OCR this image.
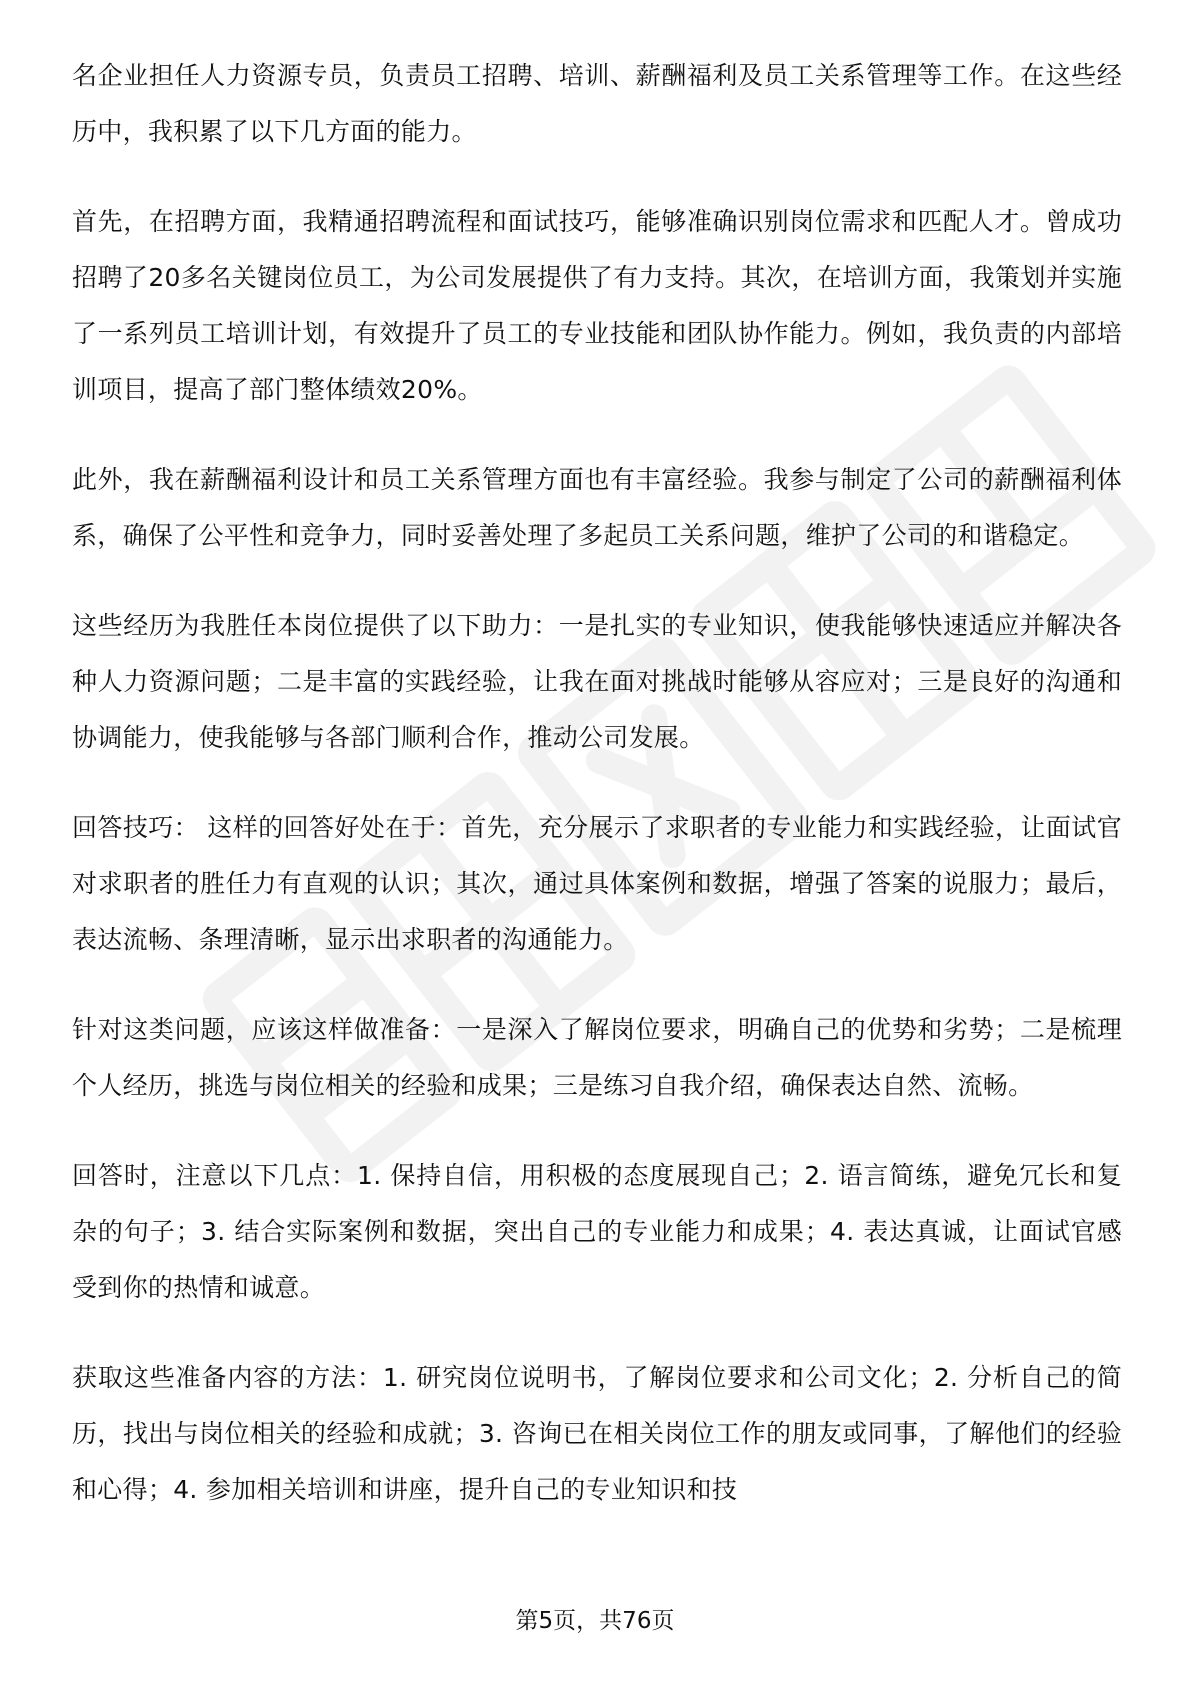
名企业担任人力资源专员，负责员工招聘、培训、薪酬福利及员工关系管理等工作。在这些经历中，我积累了以下几方面的能力。

首先，在招聘方面，我精通招聘流程和面试技巧，能够准确识别岗位需求和匹配人才。曾成功招聘了20多名关键岗位员工，为公司发展提供了有力支持。其次，在培训方面，我策划并实施了一系列员工培训计划，有效提升了员工的专业技能和团队协作能力。例如，我负责的内部培训项目，提高了部门整体绩效20%。

此外，我在薪酬福利设计和员工关系管理方面也有丰富经验。我参与制定了公司的薪酬福利体系，确保了公平性和竞争力，同时妥善处理了多起员工关系问题，维护了公司的和谐稳定。

这些经历为我胜任本岗位提供了以下助力：一是扎实的专业知识，使我能够快速适应并解决各种人力资源问题；二是丰富的实践经验，让我在面对挑战时能够从容应对；三是良好的沟通和协调能力，使我能够与各部门顺利合作，推动公司发展。

回答技巧： 这样的回答好处在于：首先，充分展示了求职者的专业能力和实践经验，让面试官对求职者的胜任力有直观的认识；其次，通过具体案例和数据，增强了答案的说服力；最后，表达流畅、条理清晰，显示出求职者的沟通能力。

针对这类问题，应该这样做准备：一是深入了解岗位要求，明确自己的优势和劣势；二是梳理个人经历，挑选与岗位相关的经验和成果；三是练习自我介绍，确保表达自然、流畅。

回答时，注意以下几点：1. 保持自信，用积极的态度展现自己；2. 语言简练，避免冗长和复杂的句子；3. 结合实际案例和数据，突出自己的专业能力和成果；4. 表达真诚，让面试官感受到你的热情和诚意。

获取这些准备内容的方法：1. 研究岗位说明书，了解岗位要求和公司文化；2. 分析自己的简历，找出与岗位相关的经验和成就；3. 咨询已在相关岗位工作的朋友或同事，了解他们的经验和心得；4. 参加相关培训和讲座，提升自己的专业知识和技

第5页，共76页
